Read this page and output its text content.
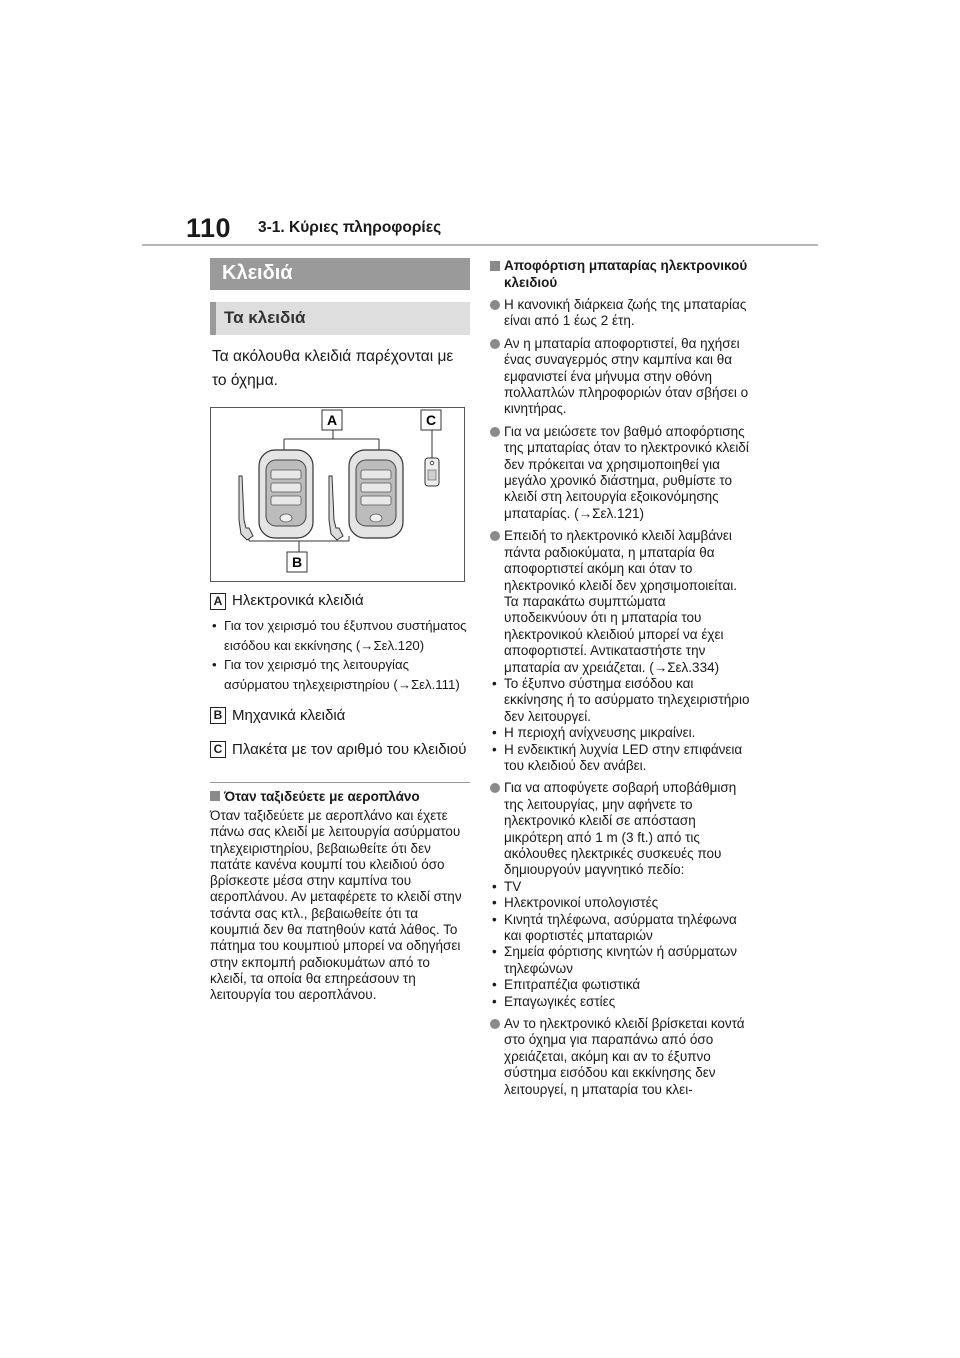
110 3-1. Κύριες πληροφορίες
Κλειδιά
Τα κλειδιά
Τα ακόλουθα κλειδιά παρέχονται με το όχημα.
A	C
B
A Ηλεκτρονικά κλειδιά
• Για τον χειρισμό του έξυπνου συστήματος εισόδου και εκκίνησης (→Σελ.120)
• Για τον χειρισμό της λειτουργίας ασύρματου τηλεχειριστηρίου (→Σελ.111)
B Μηχανικά κλειδιά
C Πλακέτα με τον αριθμό του κλειδιού
Όταν ταξιδεύετε με αεροπλάνο
Όταν ταξιδεύετε με αεροπλάνο και έχετε πάνω σας κλειδί με λειτουργία ασύρματου τηλεχειριστηρίου, βεβαιωθείτε ότι δεν πατάτε κανένα κουμπί του κλειδιού όσο βρίσκεστε μέσα στην καμπίνα του αεροπλάνου. Αν μεταφέρετε το κλειδί στην τσάντα σας κτλ., βεβαιωθείτε ότι τα κουμπιά δεν θα πατηθούν κατά λάθος. Το πάτημα του κουμπιού μπορεί να οδηγήσει στην εκπομπή ραδιοκυμάτων από το κλειδί, τα οποία θα επηρεάσουν τη λειτουργία του αεροπλάνου.
Αποφόρτιση μπαταρίας ηλεκτρονικού κλειδιού
Η κανονική διάρκεια ζωής της μπαταρίας είναι από 1 έως 2 έτη.
Αν η μπαταρία αποφορτιστεί, θα ηχήσει ένας συναγερμός στην καμπίνα και θα εμφανιστεί ένα μήνυμα στην οθόνη πολλαπλών πληροφοριών όταν σβήσει ο κινητήρας.
Για να μειώσετε τον βαθμό αποφόρτισης της μπαταρίας όταν το ηλεκτρονικό κλειδί δεν πρόκειται να χρησιμοποιηθεί για μεγάλο χρονικό διάστημα, ρυθμίστε το κλειδί στη λειτουργία εξοικονόμησης μπαταρίας. (→Σελ.121)
Επειδή το ηλεκτρονικό κλειδί λαμβάνει πάντα ραδιοκύματα, η μπαταρία θα αποφορτιστεί ακόμη και όταν το ηλεκτρονικό κλειδί δεν χρησιμοποιείται. Τα παρακάτω συμπτώματα υποδεικνύουν ότι η μπαταρία του ηλεκτρονικού κλειδιού μπορεί να έχει αποφορτιστεί. Αντικαταστήστε την μπαταρία αν χρειάζεται. (→Σελ.334)
• Το έξυπνο σύστημα εισόδου και εκκίνησης ή το ασύρματο τηλεχειριστήριο δεν λειτουργεί.
• Η περιοχή ανίχνευσης μικραίνει.
• Η ενδεικτική λυχνία LED στην επιφάνεια του κλειδιού δεν ανάβει.
Για να αποφύγετε σοβαρή υποβάθμιση της λειτουργίας, μην αφήνετε το ηλεκτρονικό κλειδί σε απόσταση μικρότερη από 1 m (3 ft.) από τις ακόλουθες ηλεκτρικές συσκευές που δημιουργούν μαγνητικό πεδίο:
• TV
• Ηλεκτρονικοί υπολογιστές
• Κινητά τηλέφωνα, ασύρματα τηλέφωνα και φορτιστές μπαταριών
• Σημεία φόρτισης κινητών ή ασύρματων τηλεφώνων
• Επιτραπέζια φωτιστικά
• Επαγωγικές εστίες
Αν το ηλεκτρονικό κλειδί βρίσκεται κοντά στο όχημα για παραπάνω από όσο χρειάζεται, ακόμη και αν το έξυπνο σύστημα εισόδου και εκκίνησης δεν λειτουργεί, η μπαταρία του κλει-
